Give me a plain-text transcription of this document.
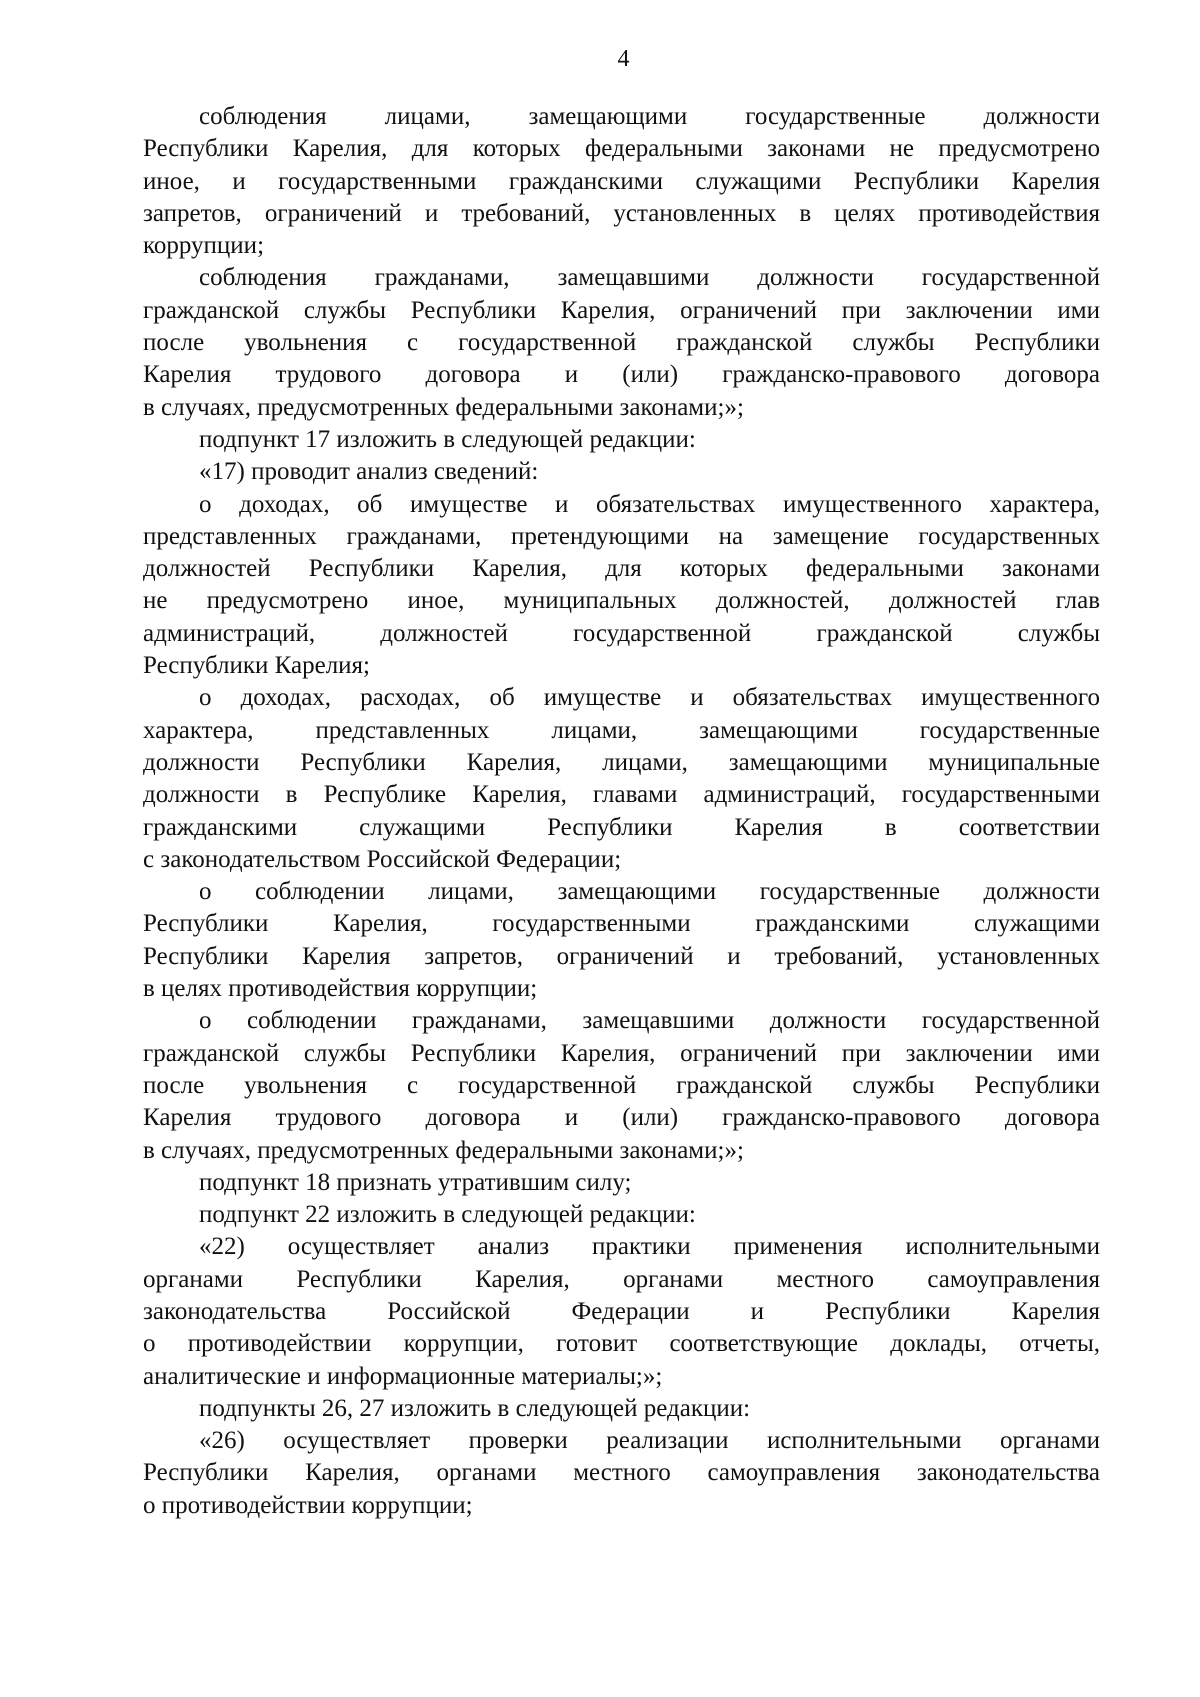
4
соблюдения лицами, замещающими государственные должности
Республики Карелия, для которых федеральными законами не предусмотрено
иное, и государственными гражданскими служащими Республики Карелия
запретов, ограничений и требований, установленных в целях противодействия
коррупции;
соблюдения гражданами, замещавшими должности государственной
гражданской службы Республики Карелия, ограничений при заключении ими
после увольнения с государственной гражданской службы Республики
Карелия трудового договора и (или) гражданско-правового договора
в случаях, предусмотренных федеральными законами;»;
подпункт 17 изложить в следующей редакции:
«17) проводит анализ сведений:
о доходах, об имуществе и обязательствах имущественного характера,
представленных гражданами, претендующими на замещение государственных
должностей Республики Карелия, для которых федеральными законами
не предусмотрено иное, муниципальных должностей, должностей глав
администраций, должностей государственной гражданской службы
Республики Карелия;
о доходах, расходах, об имуществе и обязательствах имущественного
характера, представленных лицами, замещающими государственные
должности Республики Карелия, лицами, замещающими муниципальные
должности в Республике Карелия, главами администраций, государственными
гражданскими служащими Республики Карелия в соответствии
с законодательством Российской Федерации;
о соблюдении лицами, замещающими государственные должности
Республики Карелия, государственными гражданскими служащими
Республики Карелия запретов, ограничений и требований, установленных
в целях противодействия коррупции;
о соблюдении гражданами, замещавшими должности государственной
гражданской службы Республики Карелия, ограничений при заключении ими
после увольнения с государственной гражданской службы Республики
Карелия трудового договора и (или) гражданско-правового договора
в случаях, предусмотренных федеральными законами;»;
подпункт 18 признать утратившим силу;
подпункт 22 изложить в следующей редакции:
«22) осуществляет анализ практики применения исполнительными
органами Республики Карелия, органами местного самоуправления
законодательства Российской Федерации и Республики Карелия
о противодействии коррупции, готовит соответствующие доклады, отчеты,
аналитические и информационные материалы;»;
подпункты 26, 27 изложить в следующей редакции:
«26) осуществляет проверки реализации исполнительными органами
Республики Карелия, органами местного самоуправления законодательства
о противодействии коррупции;
